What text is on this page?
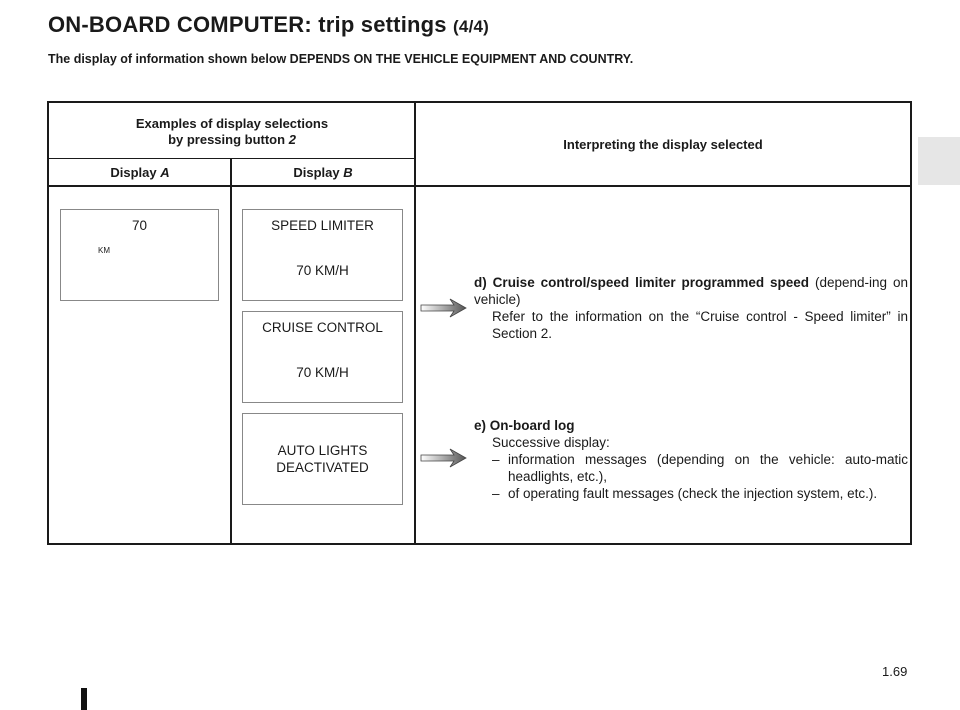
ON-BOARD COMPUTER: trip settings (4/4)

The display of information shown below DEPENDS ON THE VEHICLE EQUIPMENT AND COUNTRY.

Examples of display selections
by pressing button 2	Interpreting the display selected
Display A	Display B
70
KM
SPEED LIMITER
70 KM/H
CRUISE CONTROL
70 KM/H
AUTO LIGHTS
DEACTIVATED
d) Cruise control/speed limiter programmed speed (depend-ing on vehicle)
Refer to the information on the “Cruise control - Speed limiter” in Section 2.
e) On-board log
Successive display:
– information messages (depending on the vehicle: auto-matic headlights, etc.),
– of operating fault messages (check the injection system, etc.).
1.69
